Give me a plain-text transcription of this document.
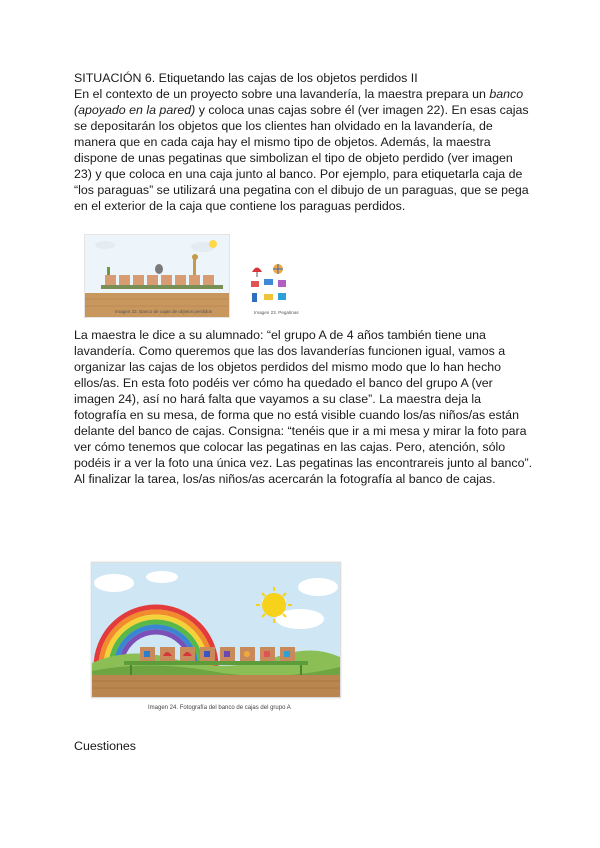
SITUACIÓN 6. Etiquetando las cajas de los objetos perdidos II

En el contexto de un proyecto sobre una lavandería, la maestra prepara un banco (apoyado en la pared) y coloca unas cajas sobre él (ver imagen 22). En esas cajas se depositarán los objetos que los clientes han olvidado en la lavandería, de manera que en cada caja hay el mismo tipo de objetos. Además, la maestra dispone de unas pegatinas que simbolizan el tipo de objeto perdido (ver imagen 23) y que coloca en una caja junto al banco. Por ejemplo, para etiquetarla caja de “los paraguas” se utilizará una pegatina con el dibujo de un paraguas, que se pega en el exterior de la caja que contiene los paraguas perdidos.

Imagen 22. Banco de cajas de objetos perdidos	Imagen 23. Pegatinas

La maestra le dice a su alumnado: “el grupo A de 4 años también tiene una lavandería. Como queremos que las dos lavanderías funcionen igual, vamos a organizar las cajas de los objetos perdidos del mismo modo que lo han hecho ellos/as. En esta foto podéis ver cómo ha quedado el banco del grupo A (ver imagen 24), así no hará falta que vayamos a su clase”. La maestra deja la fotografía en su mesa, de forma que no está visible cuando los/as niños/as están delante del banco de cajas. Consigna: “tenéis que ir a mi mesa y mirar la foto para ver cómo tenemos que colocar las pegatinas en las cajas. Pero, atención, sólo podéis ir a ver la foto una única vez. Las pegatinas las encontrareis junto al banco”. Al finalizar la tarea, los/as niños/as acercarán la fotografía al banco de cajas.

Imagen 24. Fotografía del banco de cajas del grupo A

Cuestiones
